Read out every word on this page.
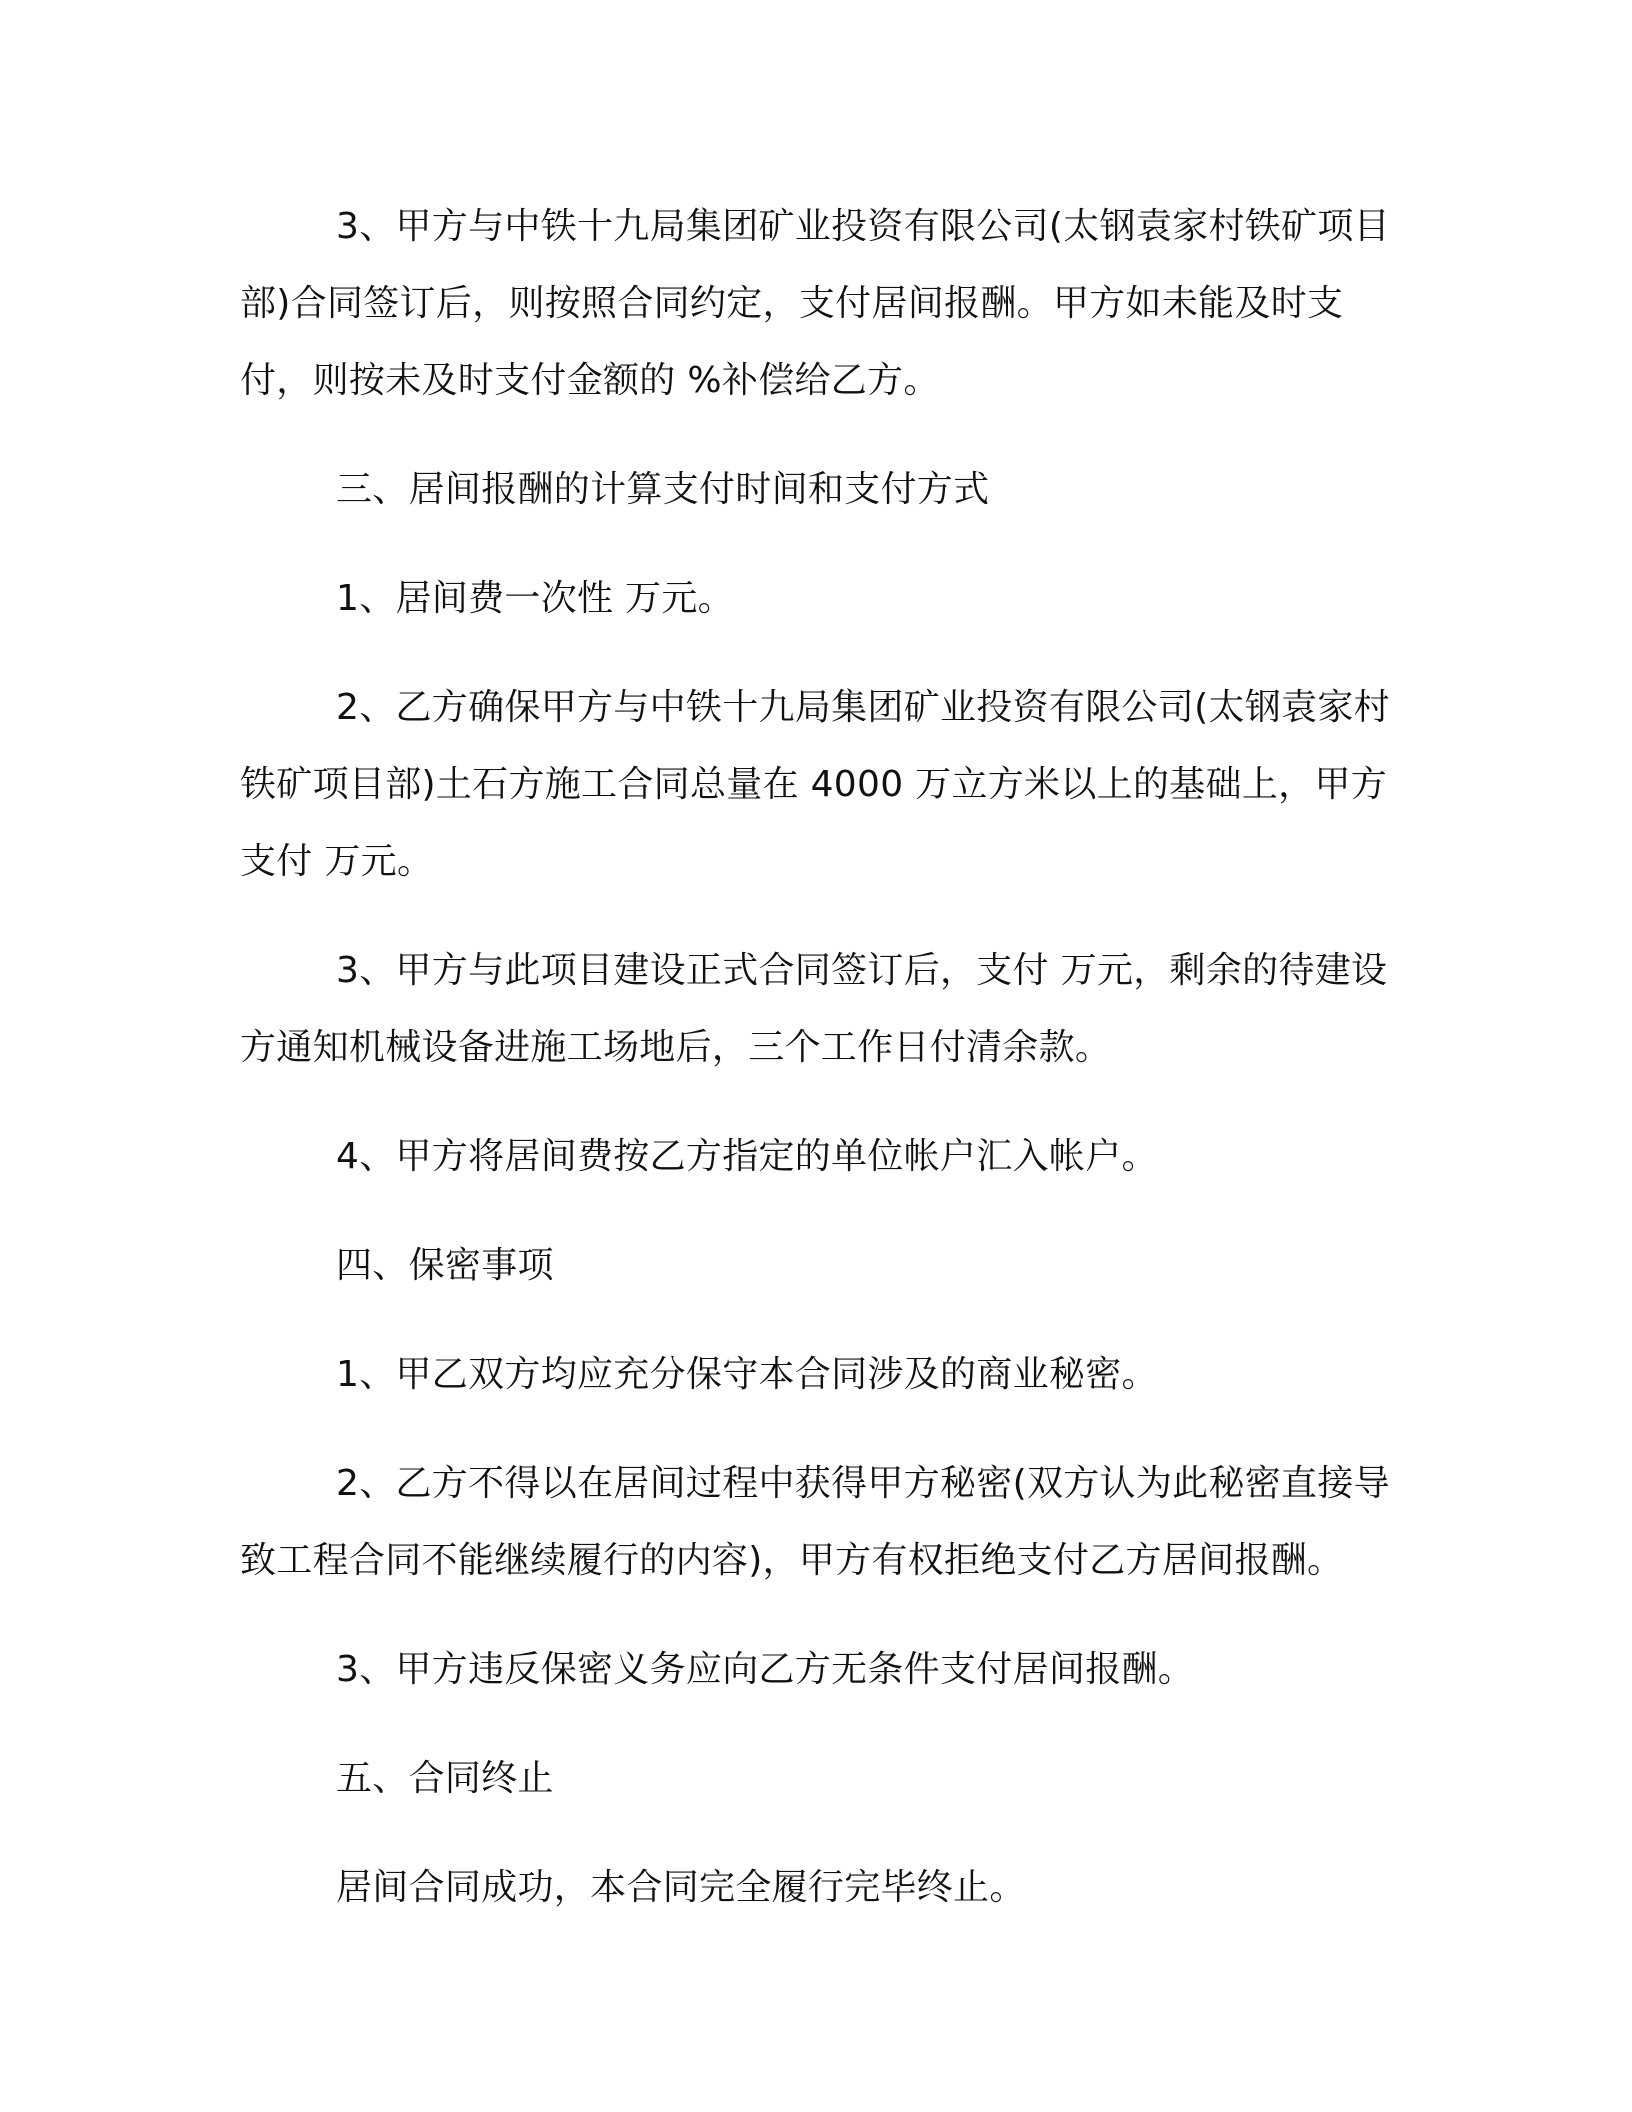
3、甲方与中铁十九局集团矿业投资有限公司(太钢袁家村铁矿项目部)合同签订后，则按照合同约定，支付居间报酬。甲方如未能及时支付，则按未及时支付金额的 %补偿给乙方。

三、居间报酬的计算支付时间和支付方式

1、居间费一次性 万元。

2、乙方确保甲方与中铁十九局集团矿业投资有限公司(太钢袁家村铁矿项目部)土石方施工合同总量在 4000 万立方米以上的基础上，甲方支付 万元。

3、甲方与此项目建设正式合同签订后，支付 万元，剩余的待建设方通知机械设备进施工场地后，三个工作日付清余款。

4、甲方将居间费按乙方指定的单位帐户汇入帐户。

四、保密事项

1、甲乙双方均应充分保守本合同涉及的商业秘密。

2、乙方不得以在居间过程中获得甲方秘密(双方认为此秘密直接导致工程合同不能继续履行的内容)，甲方有权拒绝支付乙方居间报酬。

3、甲方违反保密义务应向乙方无条件支付居间报酬。

五、合同终止

居间合同成功，本合同完全履行完毕终止。
